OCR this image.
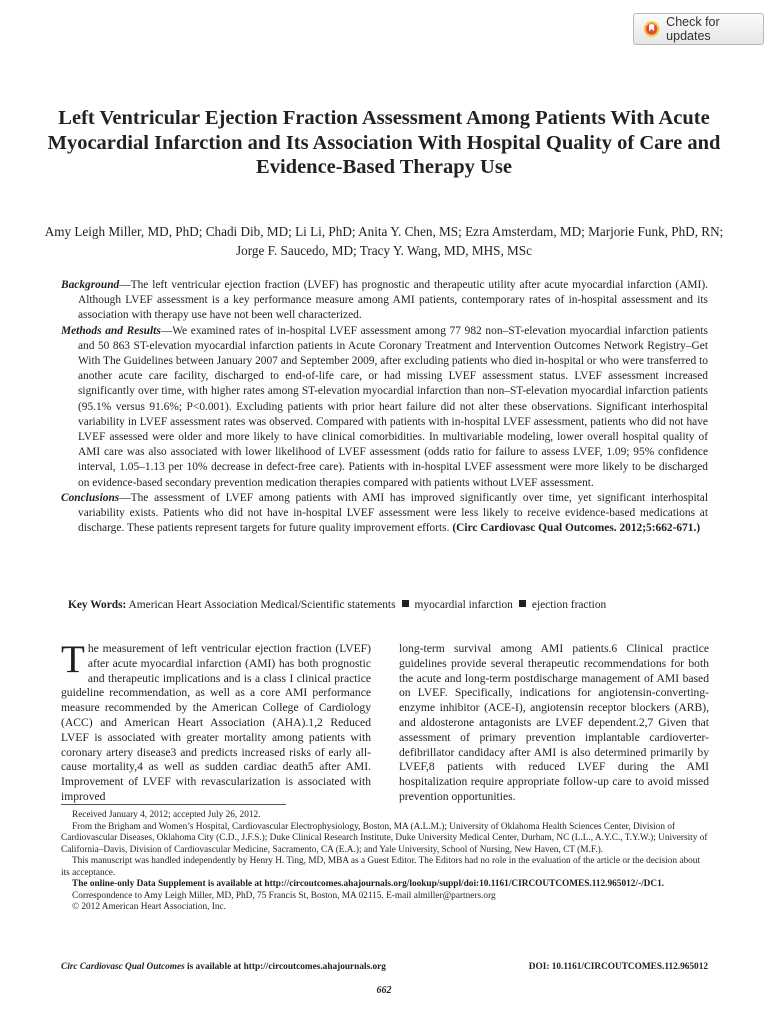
Check for updates
Left Ventricular Ejection Fraction Assessment Among Patients With Acute Myocardial Infarction and Its Association With Hospital Quality of Care and Evidence-Based Therapy Use

Amy Leigh Miller, MD, PhD; Chadi Dib, MD; Li Li, PhD; Anita Y. Chen, MS; Ezra Amsterdam, MD; Marjorie Funk, PhD, RN; Jorge F. Saucedo, MD; Tracy Y. Wang, MD, MHS, MSc

Background—The left ventricular ejection fraction (LVEF) has prognostic and therapeutic utility after acute myocardial infarction (AMI). Although LVEF assessment is a key performance measure among AMI patients, contemporary rates of in-hospital assessment and its association with therapy use have not been well characterized.

Methods and Results—We examined rates of in-hospital LVEF assessment among 77 982 non–ST-elevation myocardial infarction patients and 50 863 ST-elevation myocardial infarction patients in Acute Coronary Treatment and Intervention Outcomes Network Registry–Get With The Guidelines between January 2007 and September 2009, after excluding patients who died in-hospital or who were transferred to another acute care facility, discharged to end-of-life care, or had missing LVEF assessment status. LVEF assessment increased significantly over time, with higher rates among ST-elevation myocardial infarction than non–ST-elevation myocardial infarction patients (95.1% versus 91.6%; P<0.001). Excluding patients with prior heart failure did not alter these observations. Significant interhospital variability in LVEF assessment rates was observed. Compared with patients with in-hospital LVEF assessment, patients who did not have LVEF assessed were older and more likely to have clinical comorbidities. In multivariable modeling, lower overall hospital quality of AMI care was also associated with lower likelihood of LVEF assessment (odds ratio for failure to assess LVEF, 1.09; 95% confidence interval, 1.05–1.13 per 10% decrease in defect-free care). Patients with in-hospital LVEF assessment were more likely to be discharged on evidence-based secondary prevention medication therapies compared with patients without LVEF assessment.

Conclusions—The assessment of LVEF among patients with AMI has improved significantly over time, yet significant interhospital variability exists. Patients who did not have in-hospital LVEF assessment were less likely to receive evidence-based medications at discharge. These patients represent targets for future quality improvement efforts. (Circ Cardiovasc Qual Outcomes. 2012;5:662-671.)

Key Words: American Heart Association Medical/Scientific statements myocardial infarction ejection fraction

The measurement of left ventricular ejection fraction (LVEF) after acute myocardial infarction (AMI) has both prognostic and therapeutic implications and is a class I clinical practice guideline recommendation, as well as a core AMI performance measure recommended by the American College of Cardiology (ACC) and American Heart Association (AHA).1,2 Reduced LVEF is associated with greater mortality among patients with coronary artery disease3 and predicts increased risks of early all-cause mortality,4 as well as sudden cardiac death5 after AMI. Improvement of LVEF with revascularization is associated with improved

long-term survival among AMI patients.6 Clinical practice guidelines provide several therapeutic recommendations for both the acute and long-term postdischarge management of AMI based on LVEF. Specifically, indications for angiotensin-converting-enzyme inhibitor (ACE-I), angiotensin receptor blockers (ARB), and aldosterone antagonists are LVEF dependent.2,7 Given that assessment of primary prevention implantable cardioverter-defibrillator candidacy after AMI is also determined primarily by LVEF,8 patients with reduced LVEF during the AMI hospitalization require appropriate follow-up care to avoid missed prevention opportunities.

Received January 4, 2012; accepted July 26, 2012.

From the Brigham and Women’s Hospital, Cardiovascular Electrophysiology, Boston, MA (A.L.M.); University of Oklahoma Health Sciences Center, Division of Cardiovascular Diseases, Oklahoma City (C.D., J.F.S.); Duke Clinical Research Institute, Duke University Medical Center, Durham, NC (L.L., A.Y.C., T.Y.W.); University of California–Davis, Division of Cardiovascular Medicine, Sacramento, CA (E.A.); and Yale University, School of Nursing, New Haven, CT (M.F.).

This manuscript was handled independently by Henry H. Ting, MD, MBA as a Guest Editor. The Editors had no role in the evaluation of the article or the decision about its acceptance.

The online-only Data Supplement is available at http://circoutcomes.ahajournals.org/lookup/suppl/doi:10.1161/CIRCOUTCOMES.112.965012/-/DC1.

Correspondence to Amy Leigh Miller, MD, PhD, 75 Francis St, Boston, MA 02115. E-mail almiller@partners.org

© 2012 American Heart Association, Inc.

Circ Cardiovasc Qual Outcomes is available at http://circoutcomes.ahajournals.org	DOI: 10.1161/CIRCOUTCOMES.112.965012
662
